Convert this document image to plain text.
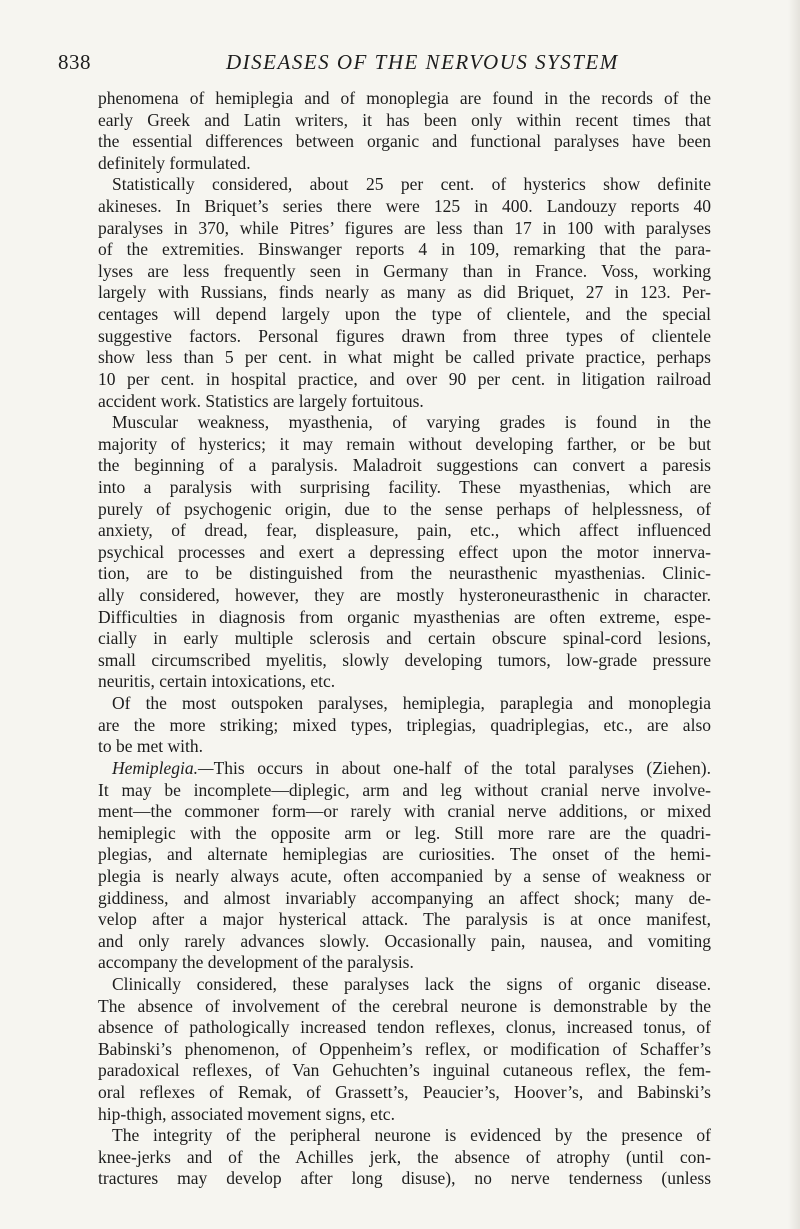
838	DISEASES OF THE NERVOUS SYSTEM
phenomena of hemiplegia and of monoplegia are found in the records of the
early Greek and Latin writers, it has been only within recent times that
the essential differences between organic and functional paralyses have been
definitely formulated.
Statistically considered, about 25 per cent. of hysterics show definite
akineses. In Briquet’s series there were 125 in 400. Landouzy reports 40
paralyses in 370, while Pitres’ figures are less than 17 in 100 with paralyses
of the extremities. Binswanger reports 4 in 109, remarking that the para-
lyses are less frequently seen in Germany than in France. Voss, working
largely with Russians, finds nearly as many as did Briquet, 27 in 123. Per-
centages will depend largely upon the type of clientele, and the special
suggestive factors. Personal figures drawn from three types of clientele
show less than 5 per cent. in what might be called private practice, perhaps
10 per cent. in hospital practice, and over 90 per cent. in litigation railroad
accident work. Statistics are largely fortuitous.
Muscular weakness, myasthenia, of varying grades is found in the
majority of hysterics; it may remain without developing farther, or be but
the beginning of a paralysis. Maladroit suggestions can convert a paresis
into a paralysis with surprising facility. These myasthenias, which are
purely of psychogenic origin, due to the sense perhaps of helplessness, of
anxiety, of dread, fear, displeasure, pain, etc., which affect influenced
psychical processes and exert a depressing effect upon the motor innerva-
tion, are to be distinguished from the neurasthenic myasthenias. Clinic-
ally considered, however, they are mostly hysteroneurasthenic in character.
Difficulties in diagnosis from organic myasthenias are often extreme, espe-
cially in early multiple sclerosis and certain obscure spinal-cord lesions,
small circumscribed myelitis, slowly developing tumors, low-grade pressure
neuritis, certain intoxications, etc.
Of the most outspoken paralyses, hemiplegia, paraplegia and monoplegia
are the more striking; mixed types, triplegias, quadriplegias, etc., are also
to be met with.
Hemiplegia.—This occurs in about one-half of the total paralyses (Ziehen).
It may be incomplete—diplegic, arm and leg without cranial nerve involve-
ment—the commoner form—or rarely with cranial nerve additions, or mixed
hemiplegic with the opposite arm or leg. Still more rare are the quadri-
plegias, and alternate hemiplegias are curiosities. The onset of the hemi-
plegia is nearly always acute, often accompanied by a sense of weakness or
giddiness, and almost invariably accompanying an affect shock; many de-
velop after a major hysterical attack. The paralysis is at once manifest,
and only rarely advances slowly. Occasionally pain, nausea, and vomiting
accompany the development of the paralysis.
Clinically considered, these paralyses lack the signs of organic disease.
The absence of involvement of the cerebral neurone is demonstrable by the
absence of pathologically increased tendon reflexes, clonus, increased tonus, of
Babinski’s phenomenon, of Oppenheim’s reflex, or modification of Schaffer’s
paradoxical reflexes, of Van Gehuchten’s inguinal cutaneous reflex, the fem-
oral reflexes of Remak, of Grassett’s, Peaucier’s, Hoover’s, and Babinski’s
hip-thigh, associated movement signs, etc.
The integrity of the peripheral neurone is evidenced by the presence of
knee-jerks and of the Achilles jerk, the absence of atrophy (until con-
tractures may develop after long disuse), no nerve tenderness (unless
